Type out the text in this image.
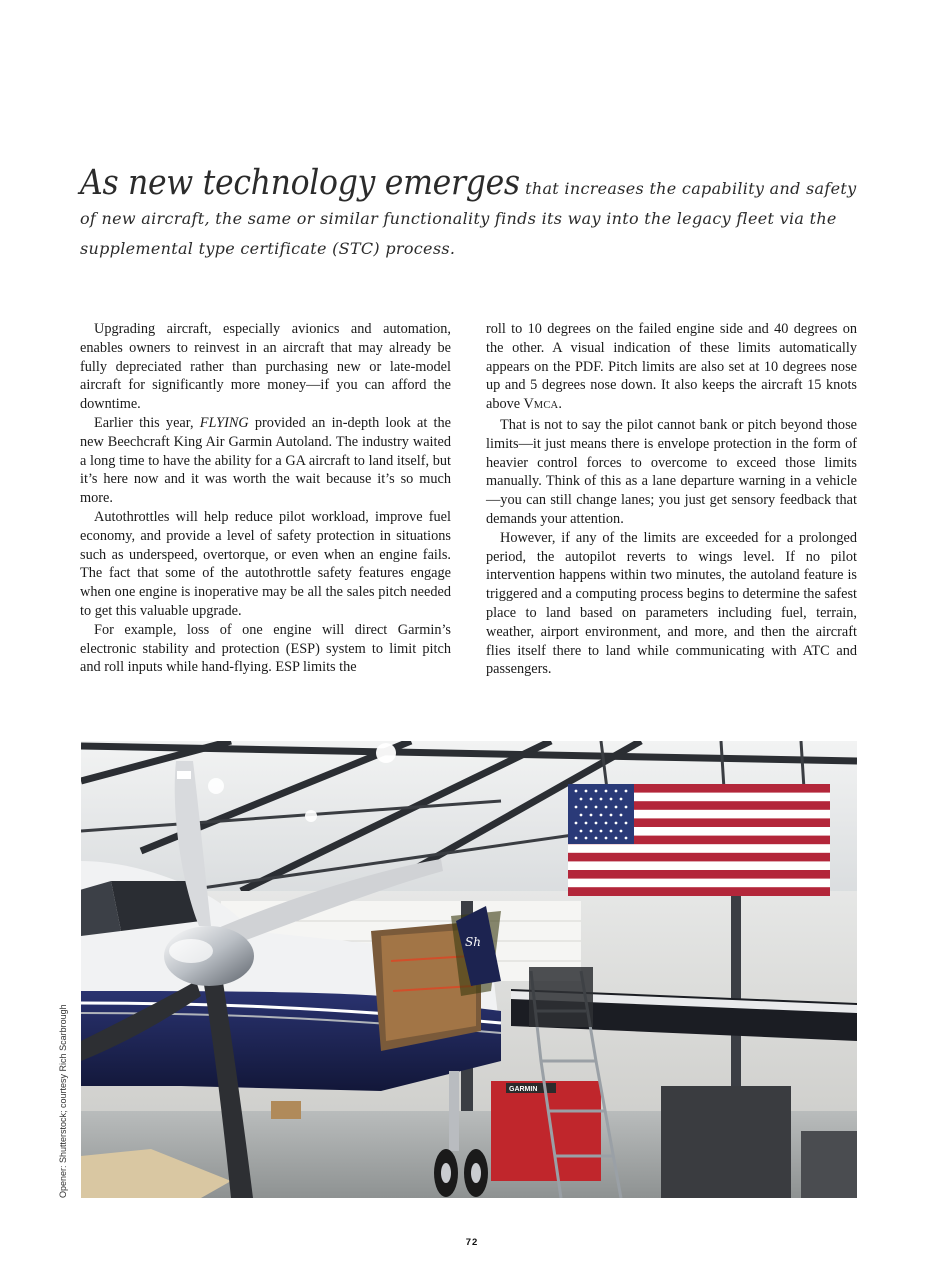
As new technology emerges that increases the capability and safety
of new aircraft, the same or similar functionality finds its way into the legacy fleet via the
supplemental type certificate (STC) process.

Upgrading aircraft, especially avionics and automation, enables owners to reinvest in an aircraft that may already be fully depreciated rather than purchasing new or late-model aircraft for significantly more money—if you can afford the downtime.

Earlier this year, FLYING provided an in-depth look at the new Beechcraft King Air Garmin Autoland. The industry waited a long time to have the ability for a GA aircraft to land itself, but it’s here now and it was worth the wait because it’s so much more.

Autothrottles will help reduce pilot workload, improve fuel economy, and provide a level of safety protection in situations such as underspeed, overtorque, or even when an engine fails. The fact that some of the autothrottle safety features engage when one engine is inoperative may be all the sales pitch needed to get this valuable upgrade.

For example, loss of one engine will direct Garmin’s electronic stability and protection (ESP) system to limit pitch and roll inputs while hand-flying. ESP limits the

roll to 10 degrees on the failed engine side and 40 degrees on the other. A visual indication of these limits automatically appears on the PDF. Pitch limits are also set at 10 degrees nose up and 5 degrees nose down. It also keeps the aircraft 15 knots above VMCA.

That is not to say the pilot cannot bank or pitch beyond those limits—it just means there is envelope protection in the form of heavier control forces to overcome to exceed those limits manually. Think of this as a lane departure warning in a vehicle—you can still change lanes; you just get sensory feedback that demands your attention.

However, if any of the limits are exceeded for a prolonged period, the autopilot reverts to wings level. If no pilot intervention happens within two minutes, the autoland feature is triggered and a computing process begins to determine the safest place to land based on parameters including fuel, terrain, weather, airport environment, and more, and then the aircraft flies itself there to land while communicating with ATC and passengers.

GARMIN
Sh
Opener: Shutterstock; courtesy Rich Scarbrough
72
